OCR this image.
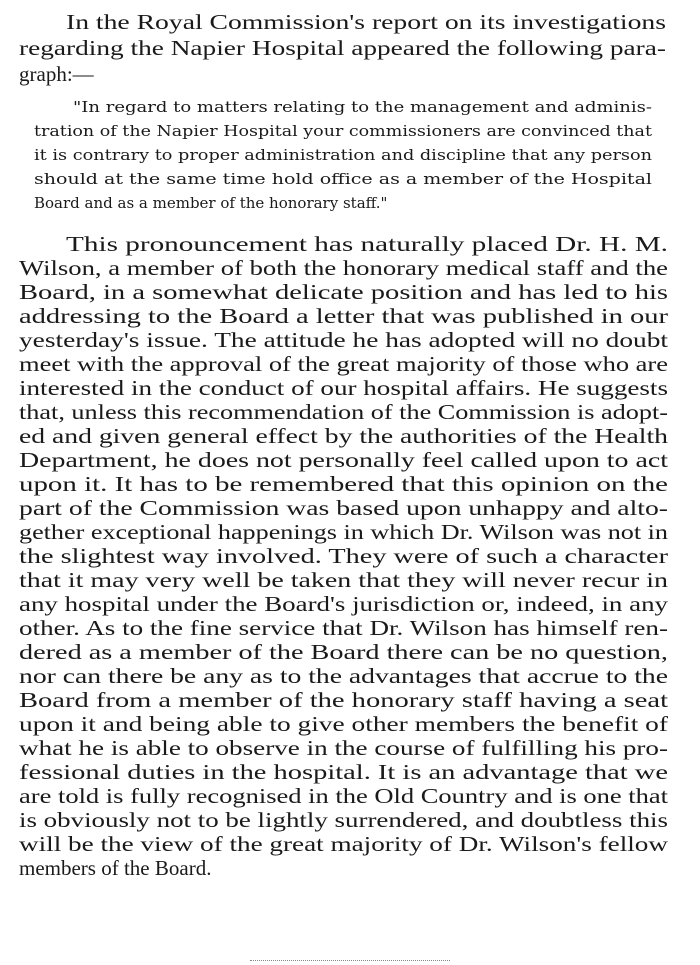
In the Royal Commission's report on its investigations
regarding the Napier Hospital appeared the following para-
graph:—
"In regard to matters relating to the management and adminis-
tration of the Napier Hospital your commissioners are convinced that
it is contrary to proper administration and discipline that any person
should at the same time hold office as a member of the Hospital
Board and as a member of the honorary staff."
This pronouncement has naturally placed Dr. H. M.
Wilson, a member of both the honorary medical staff and the
Board, in a somewhat delicate position and has led to his
addressing to the Board a letter that was published in our
yesterday's issue. The attitude he has adopted will no doubt
meet with the approval of the great majority of those who are
interested in the conduct of our hospital affairs. He suggests
that, unless this recommendation of the Commission is adopt-
ed and given general effect by the authorities of the Health
Department, he does not personally feel called upon to act
upon it. It has to be remembered that this opinion on the
part of the Commission was based upon unhappy and alto-
gether exceptional happenings in which Dr. Wilson was not in
the slightest way involved. They were of such a character
that it may very well be taken that they will never recur in
any hospital under the Board's jurisdiction or, indeed, in any
other. As to the fine service that Dr. Wilson has himself ren-
dered as a member of the Board there can be no question,
nor can there be any as to the advantages that accrue to the
Board from a member of the honorary staff having a seat
upon it and being able to give other members the benefit of
what he is able to observe in the course of fulfilling his pro-
fessional duties in the hospital. It is an advantage that we
are told is fully recognised in the Old Country and is one that
is obviously not to be lightly surrendered, and doubtless this
will be the view of the great majority of Dr. Wilson's fellow
members of the Board.
